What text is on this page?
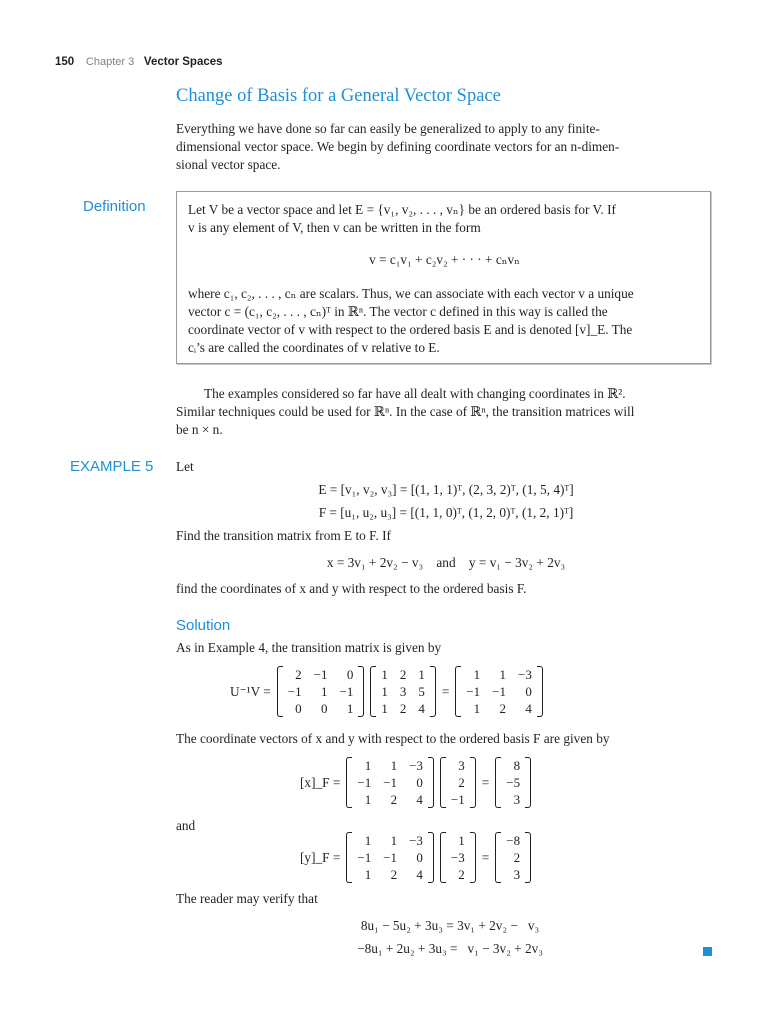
150 Chapter 3 Vector Spaces
Change of Basis for a General Vector Space
Everything we have done so far can easily be generalized to apply to any finite-
dimensional vector space. We begin by defining coordinate vectors for an n-dimen-
sional vector space.
Definition	Let V be a vector space and let E = {v₁, v₂, . . . , vₙ} be an ordered basis for V. If
v is any element of V, then v can be written in the form
v = c₁v₁ + c₂v₂ + · · · + cₙvₙ
where c₁, c₂, . . . , cₙ are scalars. Thus, we can associate with each vector v a unique
vector c = (c₁, c₂, . . . , cₙ)ᵀ in ℝⁿ. The vector c defined in this way is called the
coordinate vector of v with respect to the ordered basis E and is denoted [v]_E. The
cᵢ’s are called the coordinates of v relative to E.
The examples considered so far have all dealt with changing coordinates in ℝ².
Similar techniques could be used for ℝⁿ. In the case of ℝⁿ, the transition matrices will
be n × n.
EXAMPLE 5 Let
E = [v₁, v₂, v₃] = [(1, 1, 1)ᵀ, (2, 3, 2)ᵀ, (1, 5, 4)ᵀ]
F = [u₁, u₂, u₃] = [(1, 1, 0)ᵀ, (1, 2, 0)ᵀ, (1, 2, 1)ᵀ]
Find the transition matrix from E to F. If
x = 3v₁ + 2v₂ − v₃    and    y = v₁ − 3v₂ + 2v₃
find the coordinates of x and y with respect to the ordered basis F.
Solution
As in Example 4, the transition matrix is given by
U⁻¹V =
2	−1	0
−1	1	−1
0	0	1
1	2	1
1	3	5
1	2	4
=
1	1	−3
−1	−1	0
1	2	4
The coordinate vectors of x and y with respect to the ordered basis F are given by
[x]_F =
1	1	−3
−1	−1	0
1	2	4
3
2
−1
=
8
−5
3
and
[y]_F =
1	1	−3
−1	−1	0
1	2	4
1
−3
2
=
−8
2
3
The reader may verify that
8u₁ − 5u₂ + 3u₃ = 3v₁ + 2v₂ −   v₃
−8u₁ + 2u₂ + 3u₃ =   v₁ − 3v₂ + 2v₃
